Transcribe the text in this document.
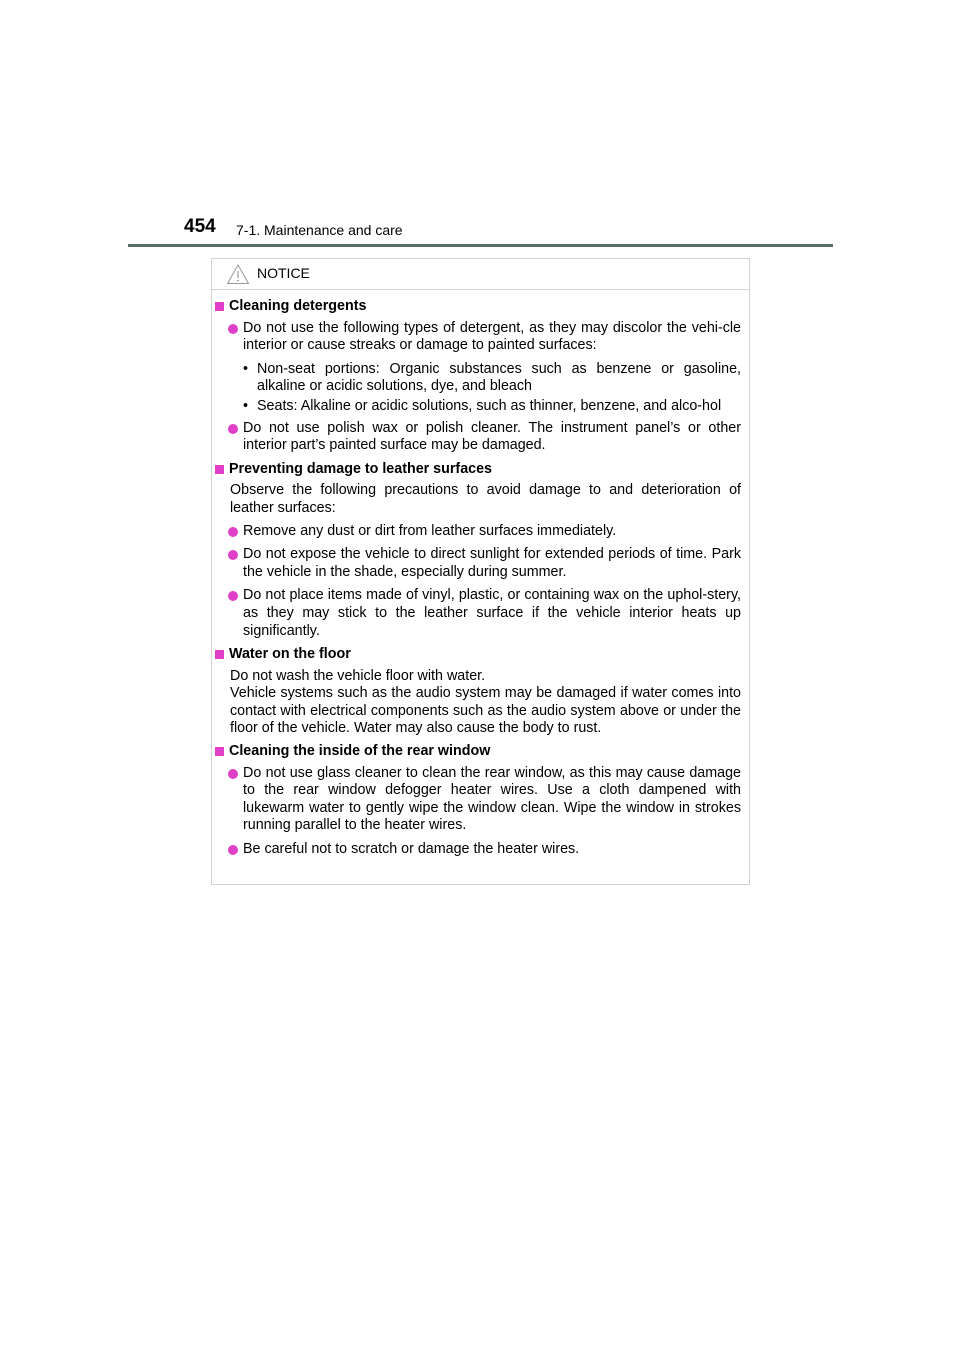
454 7-1. Maintenance and care
NOTICE
Cleaning detergents
Do not use the following types of detergent, as they may discolor the vehi-cle interior or cause streaks or damage to painted surfaces:
• Non-seat portions: Organic substances such as benzene or gasoline, alkaline or acidic solutions, dye, and bleach
• Seats: Alkaline or acidic solutions, such as thinner, benzene, and alco-hol
Do not use polish wax or polish cleaner. The instrument panel’s or other interior part’s painted surface may be damaged.
Preventing damage to leather surfaces
Observe the following precautions to avoid damage to and deterioration of leather surfaces:
Remove any dust or dirt from leather surfaces immediately.
Do not expose the vehicle to direct sunlight for extended periods of time. Park the vehicle in the shade, especially during summer.
Do not place items made of vinyl, plastic, or containing wax on the uphol-stery, as they may stick to the leather surface if the vehicle interior heats up significantly.
Water on the floor
Do not wash the vehicle floor with water.
Vehicle systems such as the audio system may be damaged if water comes into contact with electrical components such as the audio system above or under the floor of the vehicle. Water may also cause the body to rust.
Cleaning the inside of the rear window
Do not use glass cleaner to clean the rear window, as this may cause damage to the rear window defogger heater wires. Use a cloth dampened with lukewarm water to gently wipe the window clean. Wipe the window in strokes running parallel to the heater wires.
Be careful not to scratch or damage the heater wires.
